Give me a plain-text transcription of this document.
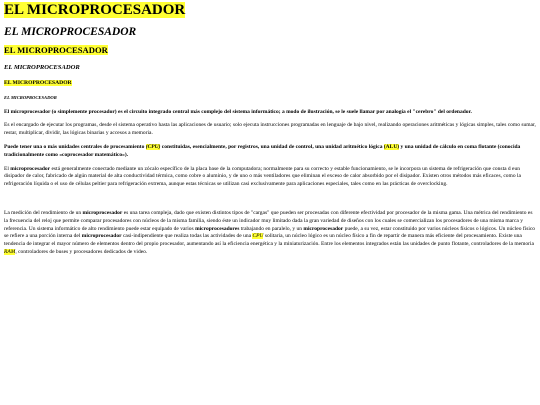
EL MICROPROCESADOR
EL MICROPROCESADOR
EL MICROPROCESADOR
EL MICROPROCESADOR
EL MICROPROCESADOR
EL MICROPROCESADOR

El microprocesador (o simplemente procesador) es el circuito integrado central más complejo del sistema informático; a modo de ilustración, se le suele llamar por analogía el "cerebro" del ordenador.

Es el encargado de ejecutar los programas, desde el sistema operativo hasta las aplicaciones de usuario; solo ejecuta instrucciones programadas en lenguaje de bajo nivel, realizando operaciones aritméticas y lógicas simples, tales como sumar, restar, multiplicar, dividir, las lógicas binarias y accesos a memoria.

Puede tener una o más unidades centrales de procesamiento (CPU) constituidas, esencialmente, por registros, una unidad de control, una unidad aritmético lógica (ALU) y una unidad de cálculo en coma flotante (conocida tradicionalmente como «coprocesador matemático»).

El microprocesador está generalmente conectado mediante un zócalo específico de la placa base de la computadora; normalmente para su correcto y estable funcionamiento, se le incorpora un sistema de refrigeración que consta d eun disipador de calor, fabricado de algún material de alta conductividad térmica, como cobre o aluminio, y de uno o más ventiladores que eliminan el exceso de calor absorbido por el disipador. Existen otros métodos más eficaces, como la refrigeración líquida o el uso de células peltier para refrigeración extrema, aunque estas técnicas se utilizan casi exclusivamente para aplicaciones especiales, tales como en las prácticas de overclocking.

La medición del rendimiento de un microprocesador es una tarea compleja, dado que existen distintos tipos de "cargas" que pueden ser procesadas con diferente efectividad por procesador de la misma gama. Una métrica del rendimiento es la frecuencia del reloj que permite comparar procesadores con núcleos de la misma familia, siendo éste un indicador muy limitado dada la gran variedad de diseños con los cuales se comercializan los procesadores de una misma marca y referencia. Un sistema informático de alto rendimiento puede estar equipado de varios microprocesadores trabajando en paralelo, y un microprocesador puede, a su vez, estar constituido por varios núcleos físicos o lógicos. Un núcleo físico se refiere a una porción interna del microprocesador casi-indipendiente que realiza todas las actividades de una CPU solitaria, un núcleo lógico es un núcleo físico a fin de repartir de manera más eficiente del procesamiento. Existe una tendencia de integrar el mayor número de elementos dentro del propio procesador, aumentando así la eficiencia energética y la miniaturización. Entre los elementos integrados están las unidades de punto flotante, controladores de la memoria RAM, controladores de buses y procesadores dedicados de video.
